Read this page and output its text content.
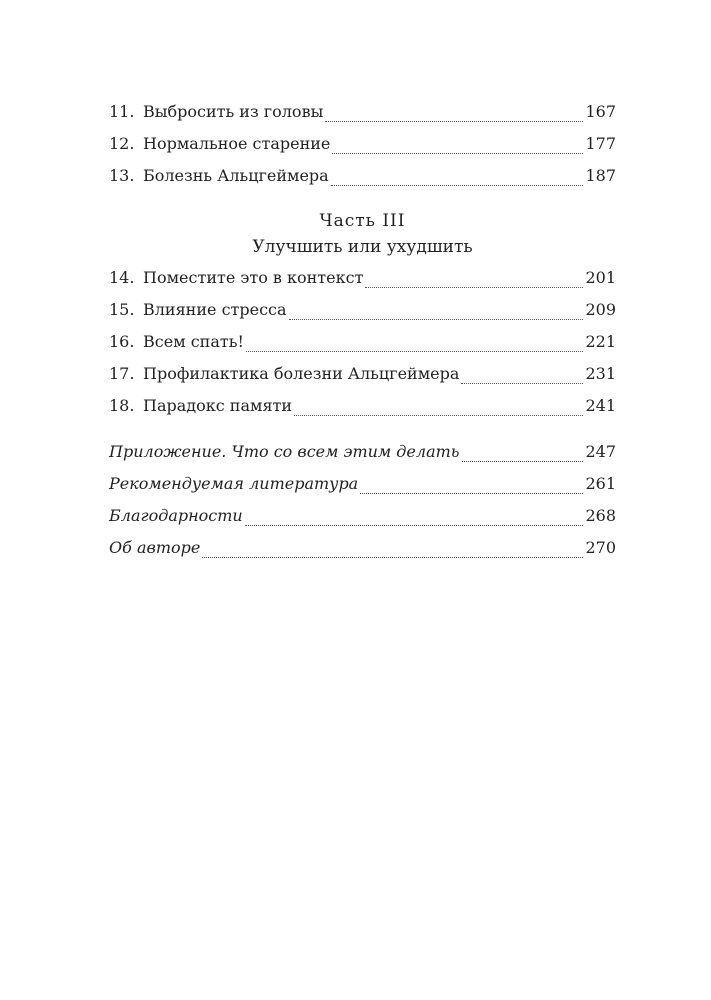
11. Выбросить из головы	167
12. Нормальное старение	177
13. Болезнь Альцгеймера	187
Часть III
Улучшить или ухудшить
14. Поместите это в контекст	201
15. Влияние стресса	209
16. Всем спать!	221
17. Профилактика болезни Альцгеймера	231
18. Парадокс памяти	241
Приложение. Что со всем этим делать	247
Рекомендуемая литература	261
Благодарности	268
Об авторе	270
